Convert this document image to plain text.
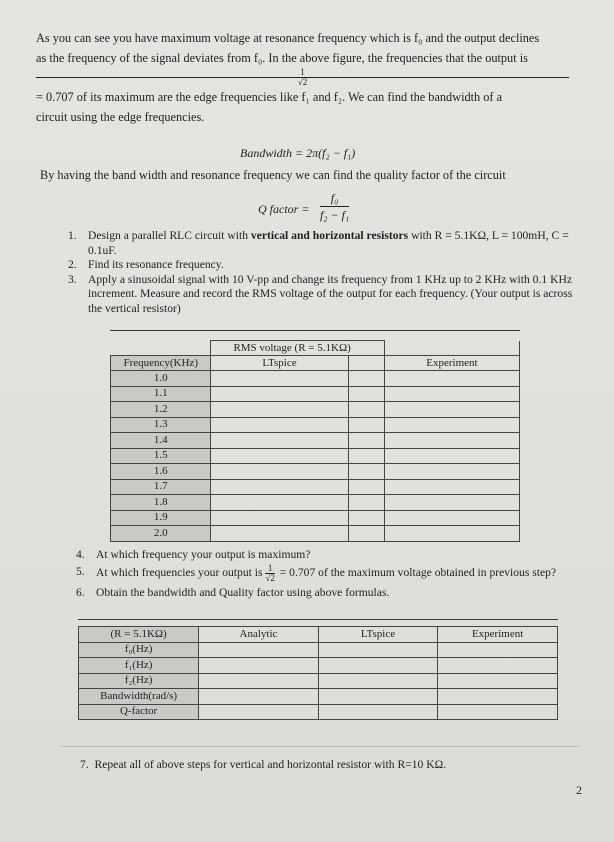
As you can see you have maximum voltage at resonance frequency which is f₀ and the output declines
as the frequency of the signal deviates from f₀. In the above figure, the frequencies that the output is
1
√2
= 0.707 of its maximum are the edge frequencies like f₁ and f₂. We can find the bandwidth of a
circuit using the edge frequencies.
Bandwidth = 2π(f₂ − f₁)
By having the band width and resonance frequency we can find the quality factor of the circuit
Q factor = $\frac{\text{f₀}}{\text{f₂ − f₁}}$
1. Design a parallel RLC circuit with vertical and horizontal resistors with R = 5.1KΩ, L = 100mH, C = 0.1uF.
2. Find its resonance frequency.
3. Apply a sinusoidal signal with 10 V-pp and change its frequency from 1 KHz up to 2 KHz with 0.1 KHz increment. Measure and record the RMS voltage of the output for each frequency. (Your output is across the vertical resistor)
	RMS voltage (R = 5.1KΩ)		
Frequency(KHz)	LTspice		Experiment
1.0			
1.1			
1.2			
1.3			
1.4			
1.5			
1.6			
1.7			
1.8			
1.9			
2.0			
4. At which frequency your output is maximum?
5. At which frequencies your output is $\frac{1}{√2} = 0.707$ of the maximum voltage obtained in previous step?
6. Obtain the bandwidth and Quality factor using above formulas.
(R = 5.1KΩ)	Analytic	LTspice	Experiment
f₀(Hz)			
f₁(Hz)			
f₂(Hz)			
Bandwidth(rad/s)			
Q-factor			
7. Repeat all of above steps for vertical and horizontal resistor with R=10 KΩ.
2
